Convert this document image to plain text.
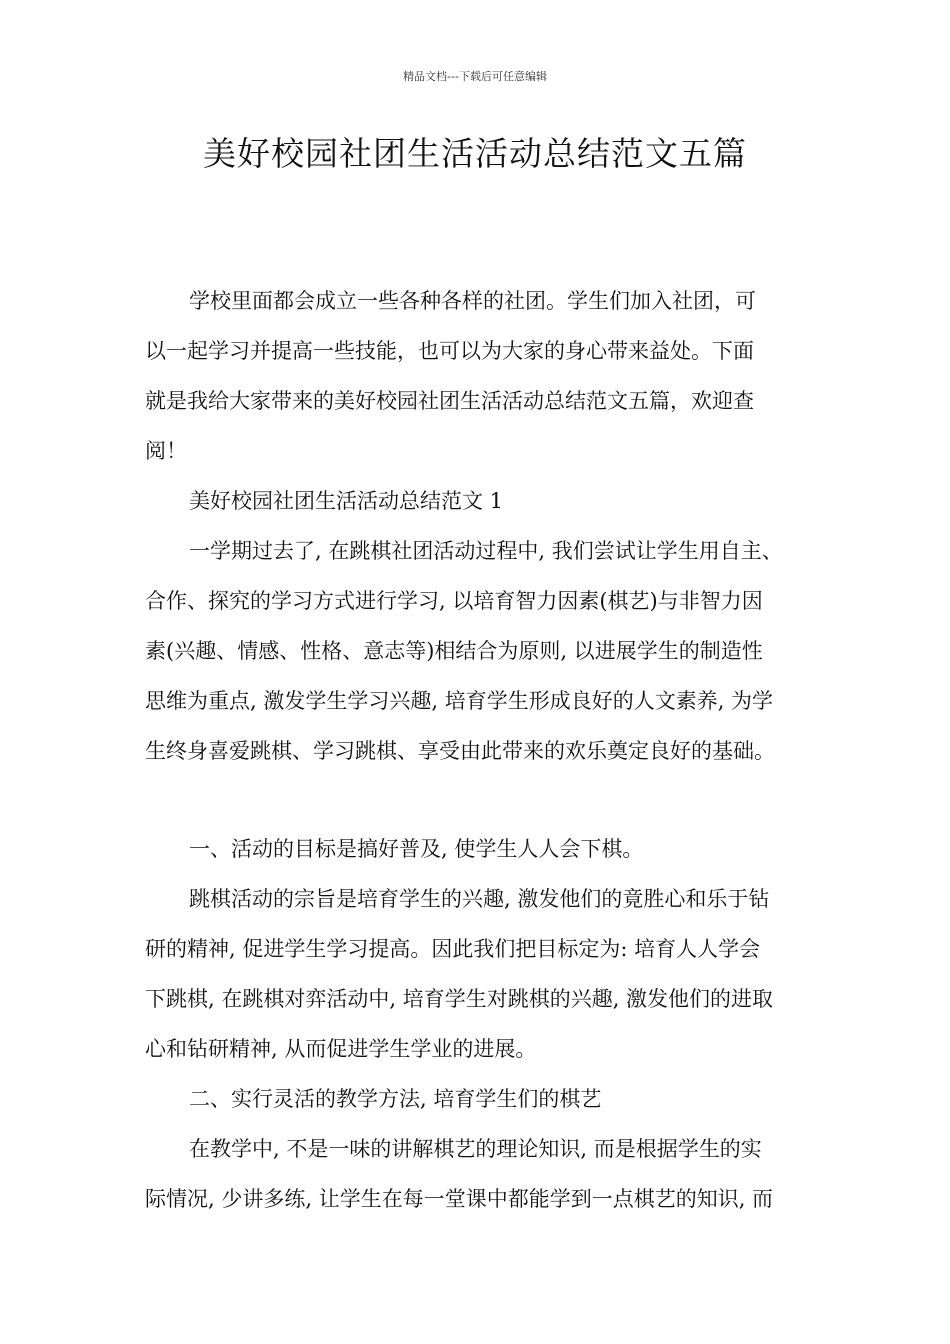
精品文档---下载后可任意编辑
美好校园社团生活活动总结范文五篇

学校里面都会成立一些各种各样的社团。学生们加入社团，可
以一起学习并提高一些技能，也可以为大家的身心带来益处。下面
就是我给大家带来的美好校园社团生活活动总结范文五篇，欢迎查
阅！

美好校园社团生活活动总结范文 1

一学期过去了, 在跳棋社团活动过程中, 我们尝试让学生用自主、
合作、探究的学习方式进行学习, 以培育智力因素(棋艺)与非智力因
素(兴趣、情感、性格、意志等)相结合为原则, 以进展学生的制造性
思维为重点, 激发学生学习兴趣, 培育学生形成良好的人文素养, 为学
生终身喜爱跳棋、学习跳棋、享受由此带来的欢乐奠定良好的基础。

一、活动的目标是搞好普及, 使学生人人会下棋。

跳棋活动的宗旨是培育学生的兴趣, 激发他们的竟胜心和乐于钻
研的精神, 促进学生学习提高。因此我们把目标定为: 培育人人学会
下跳棋, 在跳棋对弈活动中, 培育学生对跳棋的兴趣, 激发他们的进取
心和钻研精神, 从而促进学生学业的进展。

二、实行灵活的教学方法, 培育学生们的棋艺

在教学中, 不是一味的讲解棋艺的理论知识, 而是根据学生的实
际情况, 少讲多练, 让学生在每一堂课中都能学到一点棋艺的知识, 而
